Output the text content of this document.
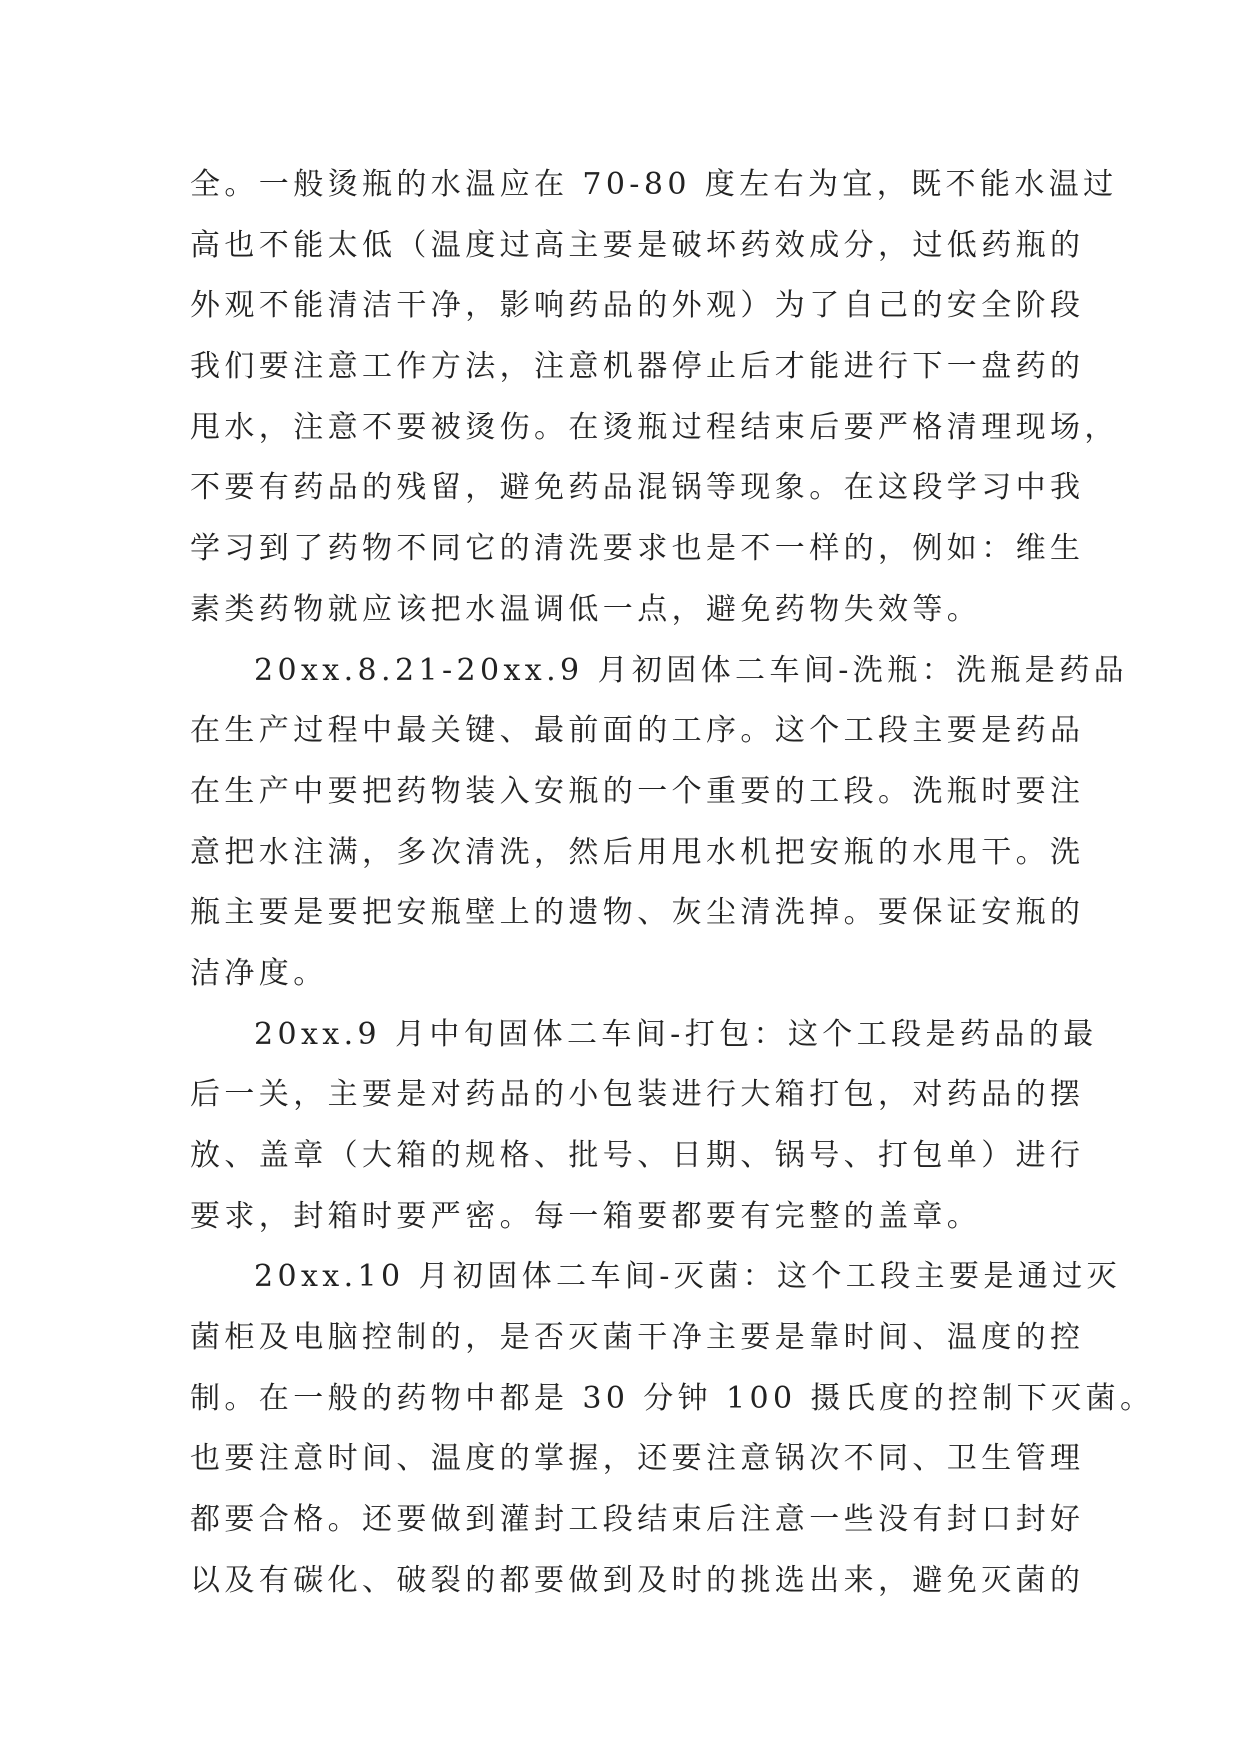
全。一般烫瓶的水温应在 70-80 度左右为宜，既不能水温过
高也不能太低（温度过高主要是破坏药效成分，过低药瓶的
外观不能清洁干净，影响药品的外观）为了自己的安全阶段
我们要注意工作方法，注意机器停止后才能进行下一盘药的
甩水，注意不要被烫伤。在烫瓶过程结束后要严格清理现场，
不要有药品的残留，避免药品混锅等现象。在这段学习中我
学习到了药物不同它的清洗要求也是不一样的，例如：维生
素类药物就应该把水温调低一点，避免药物失效等。
20xx.8.21-20xx.9 月初固体二车间-洗瓶：洗瓶是药品
在生产过程中最关键、最前面的工序。这个工段主要是药品
在生产中要把药物装入安瓶的一个重要的工段。洗瓶时要注
意把水注满，多次清洗，然后用甩水机把安瓶的水甩干。洗
瓶主要是要把安瓶壁上的遗物、灰尘清洗掉。要保证安瓶的
洁净度。
20xx.9 月中旬固体二车间-打包：这个工段是药品的最
后一关，主要是对药品的小包装进行大箱打包，对药品的摆
放、盖章（大箱的规格、批号、日期、锅号、打包单）进行
要求，封箱时要严密。每一箱要都要有完整的盖章。
20xx.10 月初固体二车间-灭菌：这个工段主要是通过灭
菌柜及电脑控制的，是否灭菌干净主要是靠时间、温度的控
制。在一般的药物中都是 30 分钟 100 摄氏度的控制下灭菌。
也要注意时间、温度的掌握，还要注意锅次不同、卫生管理
都要合格。还要做到灌封工段结束后注意一些没有封口封好
以及有碳化、破裂的都要做到及时的挑选出来，避免灭菌的
